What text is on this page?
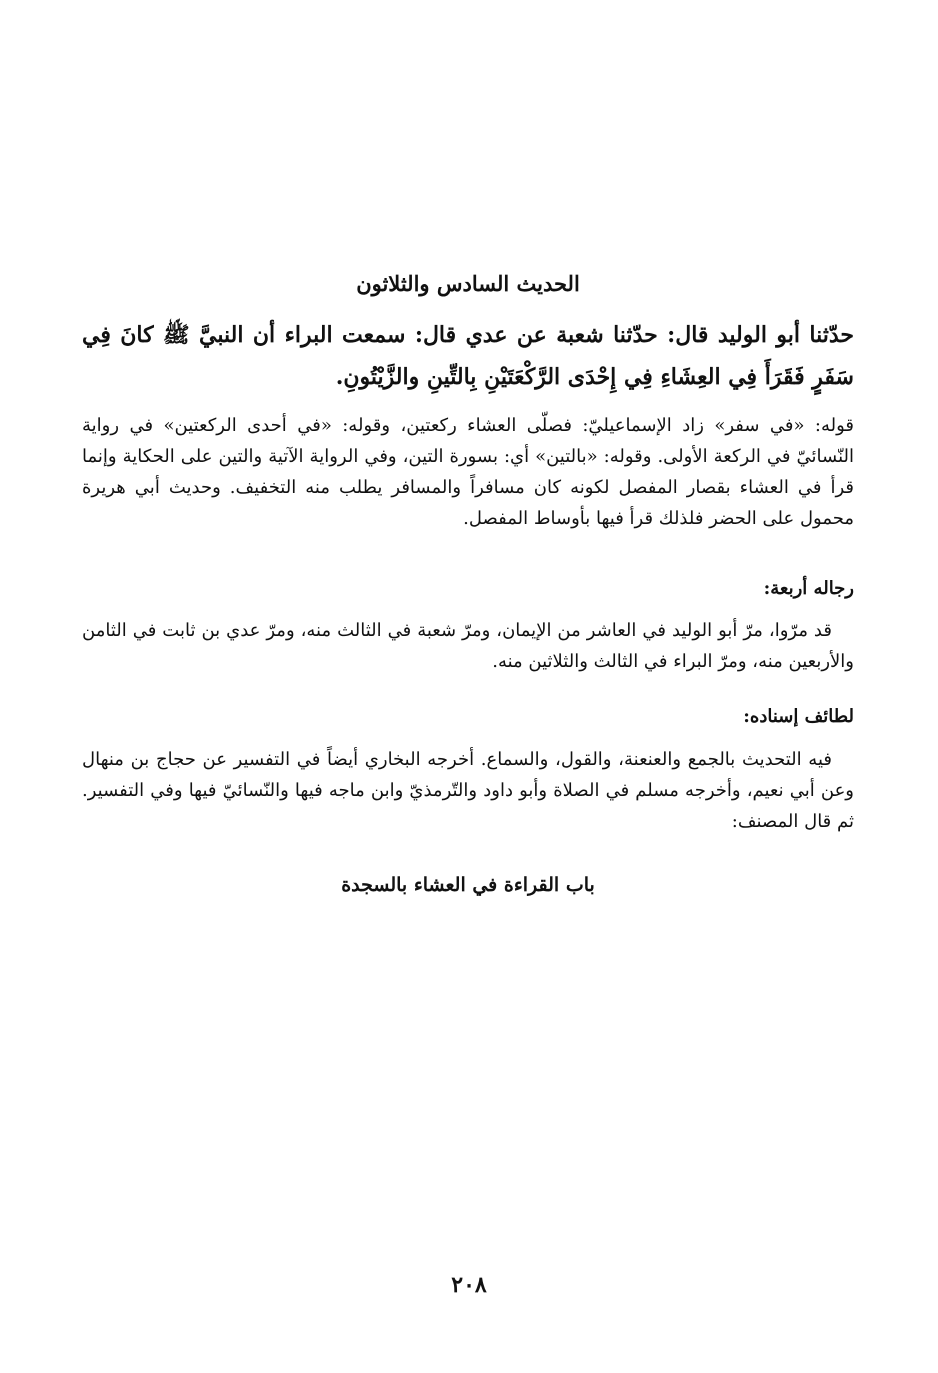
الحديث السادس والثلاثون
حدّثنا أبو الوليد قال: حدّثنا شعبة عن عدي قال: سمعت البراء أن النبيَّ ﷺ كانَ فِي سَفَرٍ فَقَرَأَ فِي العِشَاءِ فِي إِحْدَى الرَّكْعَتَيْنِ بِالتِّينِ والزَّيْتُونِ.
قوله: «في سفر» زاد الإسماعيليّ: فصلّى العشاء ركعتين، وقوله: «في أحدى الركعتين» في رواية النّسائيّ في الركعة الأولى. وقوله: «بالتين» أي: بسورة التين، وفي الرواية الآتية والتين على الحكاية وإنما قرأ في العشاء بقصار المفصل لكونه كان مسافراً والمسافر يطلب منه التخفيف. وحديث أبي هريرة محمول على الحضر فلذلك قرأ فيها بأوساط المفصل.
رجاله أربعة:
قد مرّوا، مرّ أبو الوليد في العاشر من الإيمان، ومرّ شعبة في الثالث منه، ومرّ عدي بن ثابت في الثامن والأربعين منه، ومرّ البراء في الثالث والثلاثين منه.
لطائف إسناده:
فيه التحديث بالجمع والعنعنة، والقول، والسماع. أخرجه البخاري أيضاً في التفسير عن حجاج بن منهال وعن أبي نعيم، وأخرجه مسلم في الصلاة وأبو داود والتّرمذيّ وابن ماجه فيها والنّسائيّ فيها وفي التفسير. ثم قال المصنف:
باب القراءة في العشاء بالسجدة
٢٠٨
